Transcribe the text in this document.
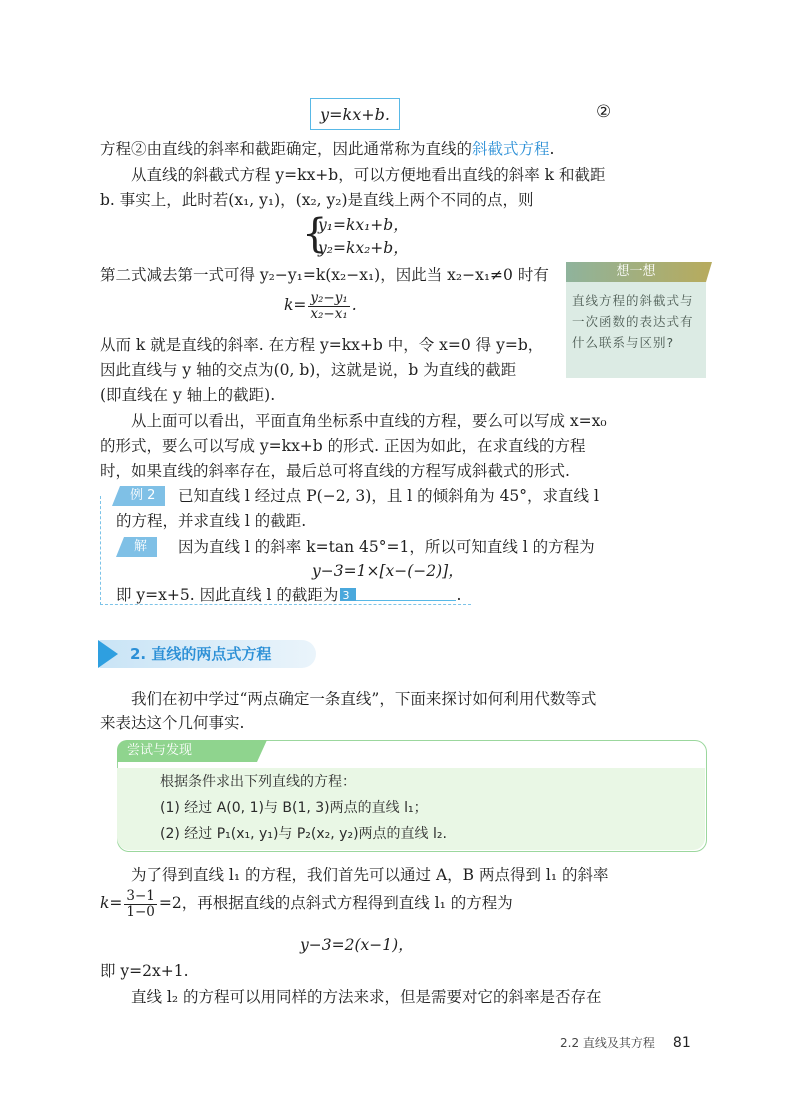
y=kx+b.	②
方程②由直线的斜率和截距确定，因此通常称为直线的斜截式方程.
从直线的斜截式方程 y=kx+b，可以方便地看出直线的斜率 k 和截距
b. 事实上，此时若(x₁, y₁)，(x₂, y₂)是直线上两个不同的点，则
{
y₁=kx₁+b，
y₂=kx₂+b，
第二式减去第一式可得 y₂−y₁=k(x₂−x₁)，因此当 x₂−x₁≠0 时有
$k= \frac{\text{y₂−y₁}}{\text{x₂−x₁}}$ .
从而 k 就是直线的斜率. 在方程 y=kx+b 中，令 x=0 得 y=b，
因此直线与 y 轴的交点为(0, b)，这就是说，b 为直线的截距
(即直线在 y 轴上的截距).
想一想
直线方程的斜截式与一次函数的表达式有什么联系与区别?
从上面可以看出，平面直角坐标系中直线的方程，要么可以写成 x=x₀
的形式，要么可以写成 y=kx+b 的形式. 正因为如此，在求直线的方程
时，如果直线的斜率存在，最后总可将直线的方程写成斜截式的形式.
例 2	已知直线 l 经过点 P(−2, 3)，且 l 的倾斜角为 45°，求直线 l
的方程，并求直线 l 的截距.
解	因为直线 l 的斜率 k=tan 45°=1，所以可知直线 l 的方程为
y−3=1×[x−(−2)]，
即 y=x+5. 因此直线 l 的截距为3	.
2. 直线的两点式方程
我们在初中学过“两点确定一条直线”，下面来探讨如何利用代数等式
来表达这个几何事实.
尝试与发现
根据条件求出下列直线的方程：
(1) 经过 A(0, 1)与 B(1, 3)两点的直线 l₁；
(2) 经过 P₁(x₁, y₁)与 P₂(x₂, y₂)两点的直线 l₂.
为了得到直线 l₁ 的方程，我们首先可以通过 A，B 两点得到 l₁ 的斜率
$k= \frac{3-1}{1-0} =2$，再根据直线的点斜式方程得到直线 l₁ 的方程为
y−3=2(x−1)，
即 y=2x+1.
直线 l₂ 的方程可以用同样的方法来求，但是需要对它的斜率是否存在
2.2 直线及其方程 81
